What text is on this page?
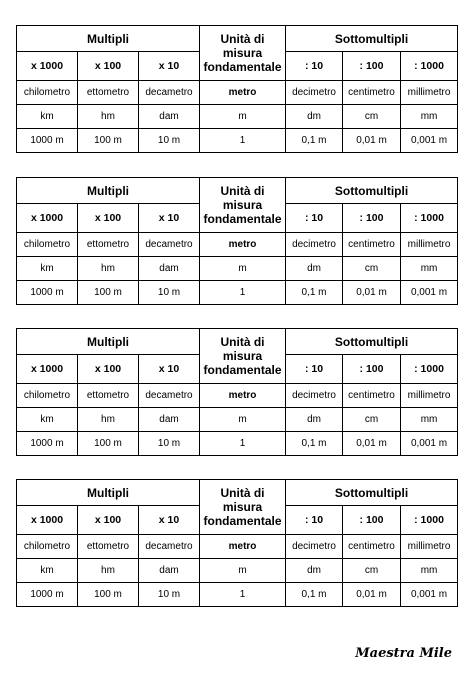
Multipli			Unità di misura fondamentale	Sottomultipli		
x 1000	x 100	x 10		: 10	: 100	: 1000
chilometro	ettometro	decametro	metro	decimetro	centimetro	millimetro
km	hm	dam	m	dm	cm	mm
1000 m	100 m	10 m	1	0,1 m	0,01 m	0,001 m
Multipli			Unità di misura fondamentale	Sottomultipli		
x 1000	x 100	x 10		: 10	: 100	: 1000
chilometro	ettometro	decametro	metro	decimetro	centimetro	millimetro
km	hm	dam	m	dm	cm	mm
1000 m	100 m	10 m	1	0,1 m	0,01 m	0,001 m
Multipli			Unità di misura fondamentale	Sottomultipli		
x 1000	x 100	x 10		: 10	: 100	: 1000
chilometro	ettometro	decametro	metro	decimetro	centimetro	millimetro
km	hm	dam	m	dm	cm	mm
1000 m	100 m	10 m	1	0,1 m	0,01 m	0,001 m
Multipli			Unità di misura fondamentale	Sottomultipli		
x 1000	x 100	x 10		: 10	: 100	: 1000
chilometro	ettometro	decametro	metro	decimetro	centimetro	millimetro
km	hm	dam	m	dm	cm	mm
1000 m	100 m	10 m	1	0,1 m	0,01 m	0,001 m
Maestra Mile
